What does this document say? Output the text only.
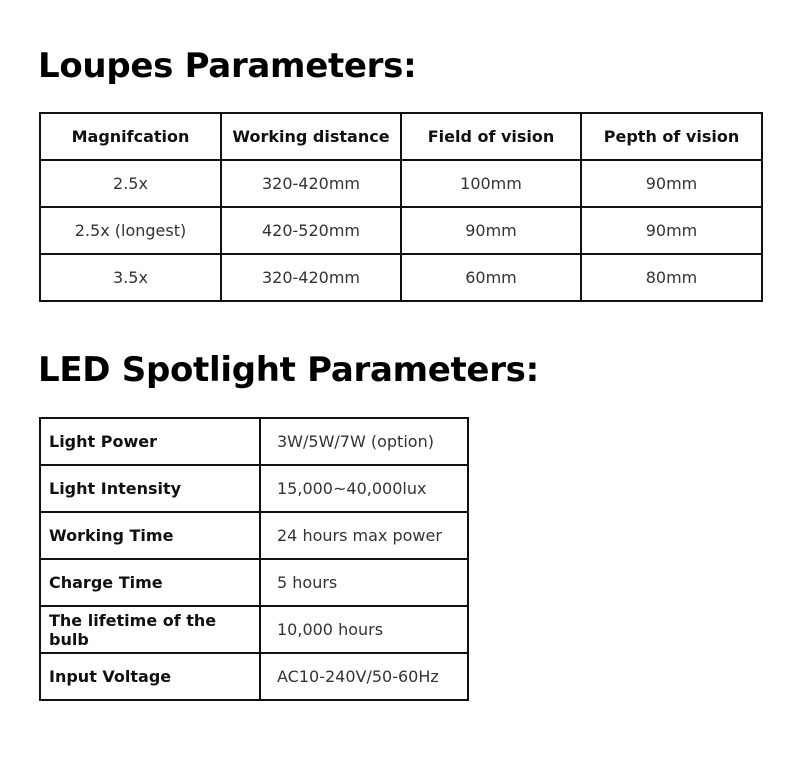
Loupes Parameters:
Magnifcation	Working distance	Field of vision	Pepth of vision
2.5x	320-420mm	100mm	90mm
2.5x (longest)	420-520mm	90mm	90mm
3.5x	320-420mm	60mm	80mm
LED Spotlight Parameters:
Light Power	3W/5W/7W (option)
Light Intensity	15,000~40,000lux
Working Time	24 hours max power
Charge Time	5 hours
The lifetime of the bulb	10,000 hours
Input Voltage	AC10-240V/50-60Hz
